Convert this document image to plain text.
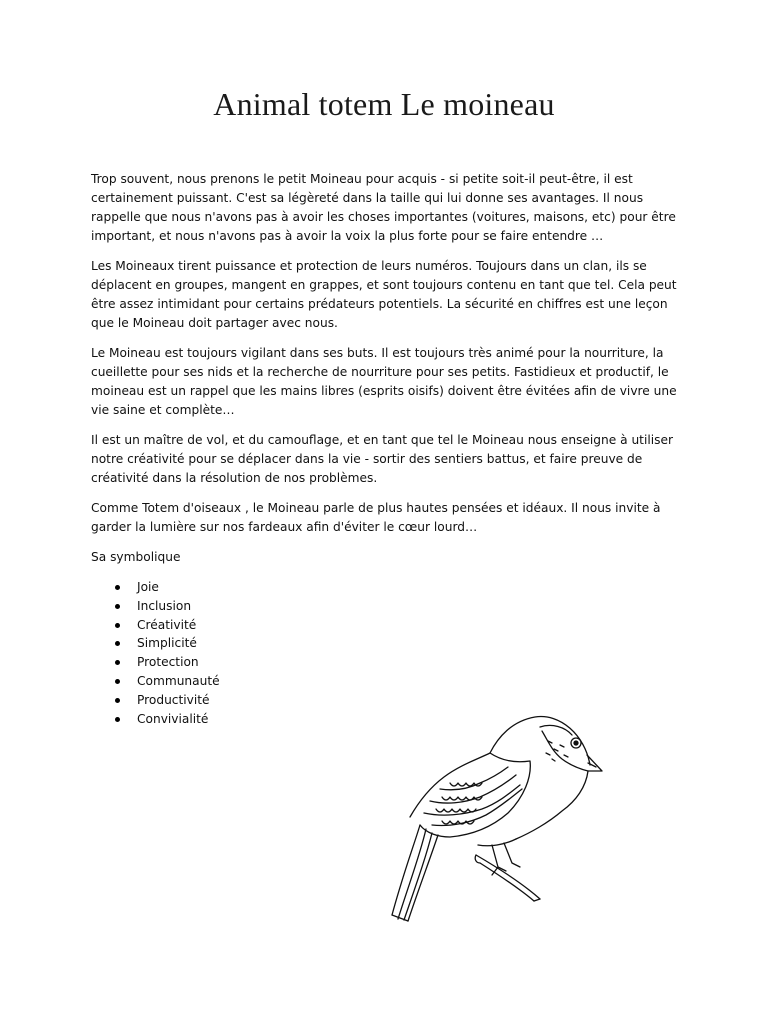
Animal totem Le moineau

Trop souvent, nous prenons le petit Moineau pour acquis - si petite soit-il peut-être, il est certainement puissant. C'est sa légèreté dans la taille qui lui donne ses avantages. Il nous rappelle que nous n'avons pas à avoir les choses importantes (voitures, maisons, etc) pour être important, et nous n'avons pas à avoir la voix la plus forte pour se faire entendre …

Les Moineaux tirent puissance et protection de leurs numéros. Toujours dans un clan, ils se déplacent en groupes, mangent en grappes, et sont toujours contenu en tant que tel. Cela peut être assez intimidant pour certains prédateurs potentiels. La sécurité en chiffres est une leçon que le Moineau doit partager avec nous.

Le Moineau est toujours vigilant dans ses buts. Il est toujours très animé pour la nourriture, la cueillette pour ses nids et la recherche de nourriture pour ses petits. Fastidieux et productif, le moineau est un rappel que les mains libres (esprits oisifs) doivent être évitées afin de vivre une vie saine et complète…

Il est un maître de vol, et du camouflage, et en tant que tel le Moineau nous enseigne à utiliser notre créativité pour se déplacer dans la vie - sortir des sentiers battus, et faire preuve de créativité dans la résolution de nos problèmes.

Comme Totem d'oiseaux , le Moineau parle de plus hautes pensées et idéaux. Il nous invite à garder la lumière sur nos fardeaux afin d'éviter le cœur lourd…

Sa symbolique

Joie
Inclusion
Créativité
Simplicité
Protection
Communauté
Productivité
Convivialité
